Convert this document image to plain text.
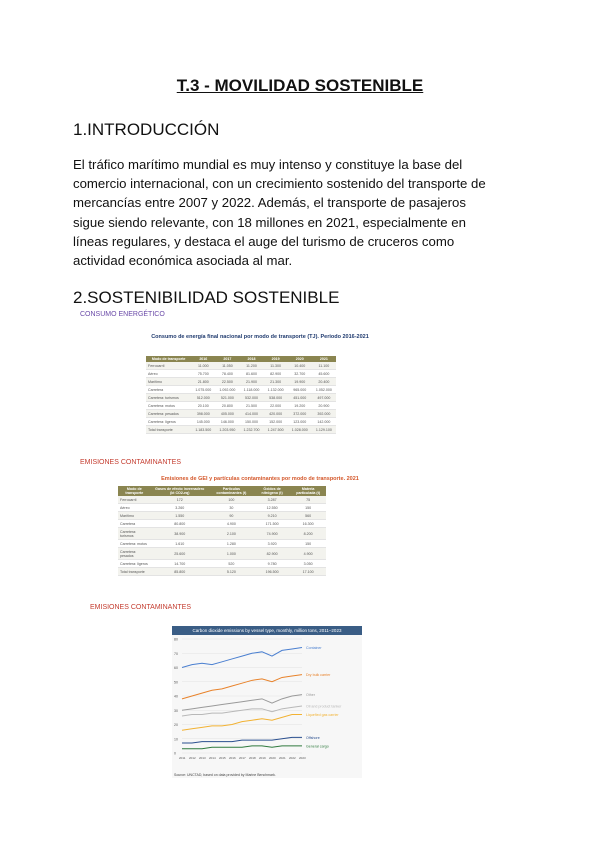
T.3 - MOVILIDAD SOSTENIBLE
1.INTRODUCCIÓN
El tráfico marítimo mundial es muy intenso y constituye la base del
comercio internacional, con un crecimiento sostenido del transporte de
mercancías entre 2007 y 2022. Además, el transporte de pasajeros
sigue siendo relevante, con 18 millones en 2021, especialmente en
líneas regulares, y destaca el auge del turismo de cruceros como
actividad económica asociada al mar.
2.SOSTENIBILIDAD SOSTENIBLE
CONSUMO ENERGÉTICO
Consumo de energía final nacional por modo de transporte (TJ). Periodo 2016-2021
Modo de transporte	2016	2017	2018	2019	2020	2021
Ferrocarril	11.000	11.050	11.200	11.300	10.400	11.100
Aéreo	75.700	78.400	81.600	82.900	32.700	45.600
Marítimo	21.800	22.500	21.900	21.300	19.900	20.400
Carretera	1.075.000	1.092.000	1.118.000	1.132.000	965.000	1.052.000
Carretera: turismos	512.000	521.000	532.000	538.000	451.000	497.000
Carretera: motos	20.100	20.800	21.500	22.000	19.200	20.900
Carretera: pesados	398.000	405.000	414.000	420.000	372.000	392.000
Carretera: ligeros	145.000	146.000	150.000	152.000	123.000	142.000
Total transporte	1.183.500	1.203.950	1.232.700	1.247.500	1.028.000	1.129.100
EMISIONES CONTAMINANTES
Emisiones de GEI y partículas contaminantes por modo de transporte. 2021
Modo de transporte	Gases de efecto invernadero (kt CO2-eq)	Partículas contaminantes (t)	Óxidos de nitrógeno (t)	Materia particulada (t)
Ferrocarril	172	100	3.287	75
Aéreo	3.260	30	12.550	150
Marítimo	1.550	90	9.210	560
Carretera	80.800	4.900	171.500	16.300
Carretera: turismos	38.900	2.100	74.900	8.200
Carretera: motos	1.610	1.280	3.920	150
Carretera: pesados	25.600	1.000	82.900	4.900
Carretera: ligeros	14.700	520	9.780	3.050
Total transporte	85.800	5.120	196.500	17.100
EMISIONES CONTAMINANTES
Carbon dioxide emissions by vessel type, monthly, million tons, 2011–2023
0
10
20
30
40
50
60
70
80
2011 2012 2013 2014 2015 2016 2017 2018 2019 2020 2021 2022 2023
Container
Dry bulk carrier
Other
Oil and product tanker
Liquefied gas carrier
Offshore
General cargo
Source: UNCTAD, based on data provided by Marine Benchmark.
